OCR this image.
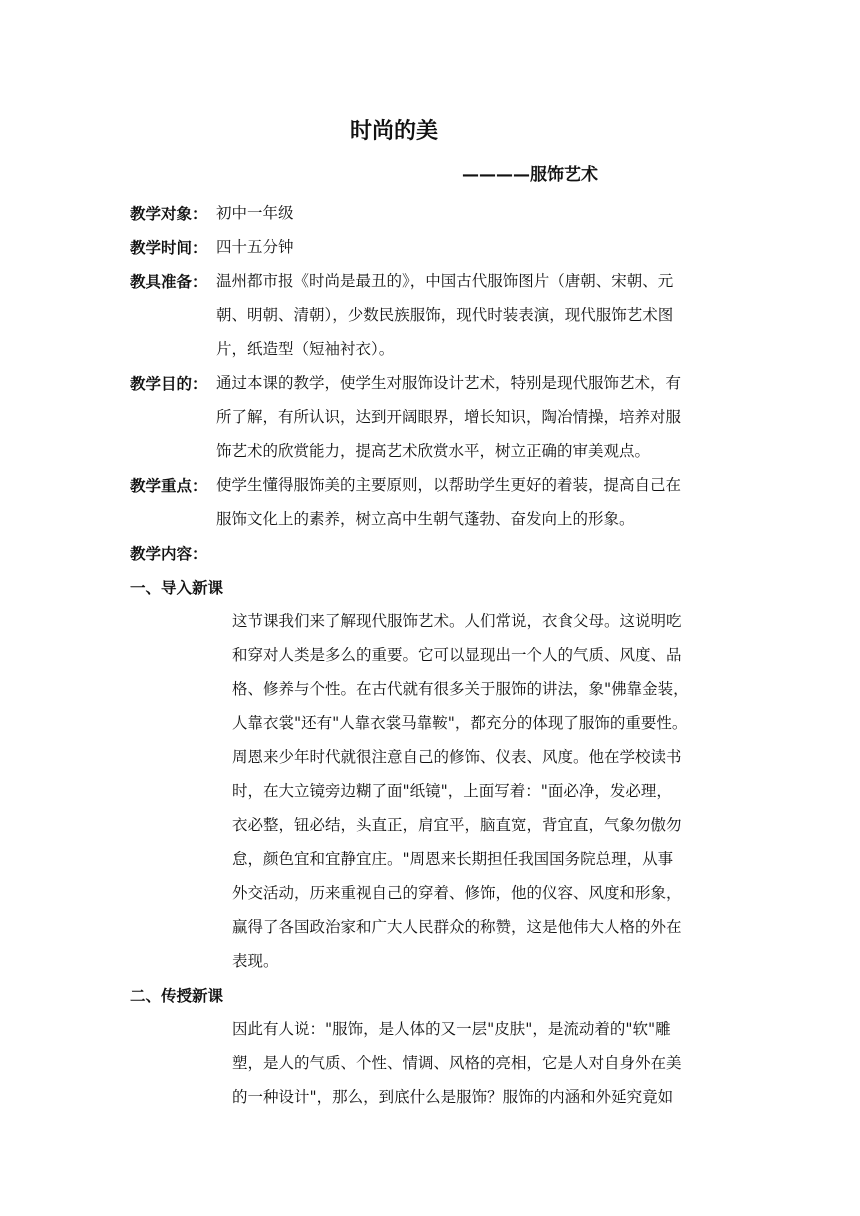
时尚的美
————服饰艺术
教学对象： 初中一年级
教学时间： 四十五分钟
教具准备： 温州都市报《时尚是最丑的》，中国古代服饰图片（唐朝、宋朝、元
朝、明朝、清朝），少数民族服饰，现代时装表演，现代服饰艺术图
片，纸造型（短袖衬衣）。
教学目的： 通过本课的教学，使学生对服饰设计艺术，特别是现代服饰艺术，有
所了解，有所认识，达到开阔眼界，增长知识，陶冶情操，培养对服
饰艺术的欣赏能力，提高艺术欣赏水平，树立正确的审美观点。
教学重点： 使学生懂得服饰美的主要原则，以帮助学生更好的着装，提高自己在
服饰文化上的素养，树立高中生朝气蓬勃、奋发向上的形象。
教学内容：
一、导入新课
这节课我们来了解现代服饰艺术。人们常说，衣食父母。这说明吃
和穿对人类是多么的重要。它可以显现出一个人的气质、风度、品
格、修养与个性。在古代就有很多关于服饰的讲法，象"佛靠金装，
人靠衣裳"还有"人靠衣裳马靠鞍"，都充分的体现了服饰的重要性。
周恩来少年时代就很注意自己的修饰、仪表、风度。他在学校读书
时，在大立镜旁边糊了面"纸镜"，上面写着："面必净，发必理，
衣必整，钮必结，头直正，肩宜平，脑直宽，背宜直，气象勿傲勿
怠，颜色宜和宜静宜庄。"周恩来长期担任我国国务院总理，从事
外交活动，历来重视自己的穿着、修饰，他的仪容、风度和形象，
赢得了各国政治家和广大人民群众的称赞，这是他伟大人格的外在
表现。
二、传授新课
因此有人说："服饰，是人体的又一层"皮肤"，是流动着的"软"雕
塑，是人的气质、个性、情调、风格的亮相，它是人对自身外在美
的一种设计"，那么，到底什么是服饰？服饰的内涵和外延究竟如
